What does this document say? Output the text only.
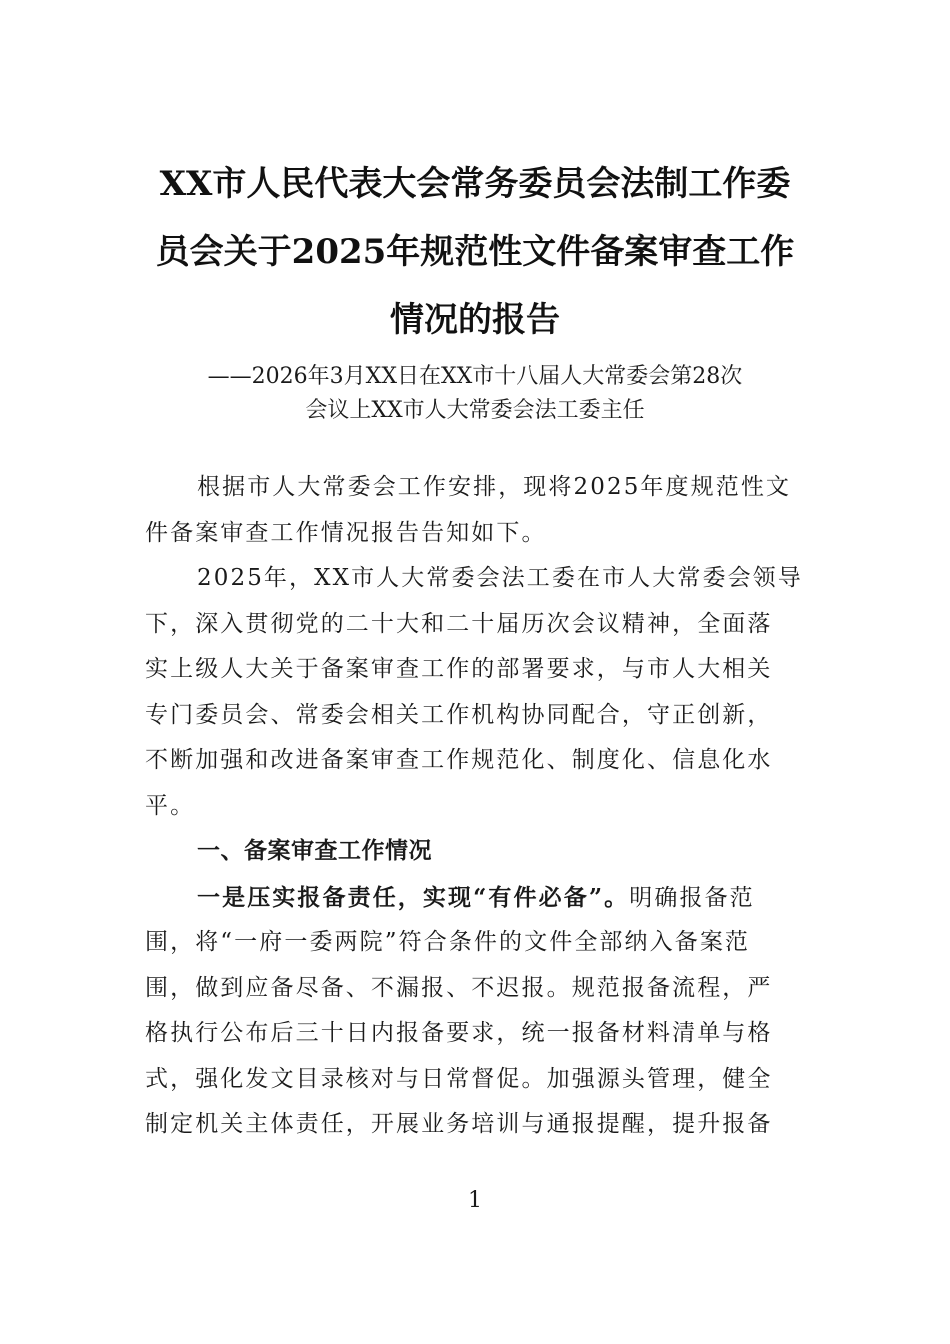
XX市人民代表大会常务委员会法制工作委
员会关于2025年规范性文件备案审查工作
情况的报告
——2026年3月XX日在XX市十八届人大常委会第28次
会议上XX市人大常委会法工委主任
根据市人大常委会工作安排，现将2025年度规范性文
件备案审查工作情况报告告知如下。
2025年，XX市人大常委会法工委在市人大常委会领导
下，深入贯彻党的二十大和二十届历次会议精神，全面落
实上级人大关于备案审查工作的部署要求，与市人大相关
专门委员会、常委会相关工作机构协同配合，守正创新，
不断加强和改进备案审查工作规范化、制度化、信息化水
平。
一、备案审查工作情况
一是压实报备责任，实现“有件必备”。明确报备范
围，将“一府一委两院”符合条件的文件全部纳入备案范
围，做到应备尽备、不漏报、不迟报。规范报备流程，严
格执行公布后三十日内报备要求，统一报备材料清单与格
式，强化发文目录核对与日常督促。加强源头管理，健全
制定机关主体责任，开展业务培训与通报提醒，提升报备
1
